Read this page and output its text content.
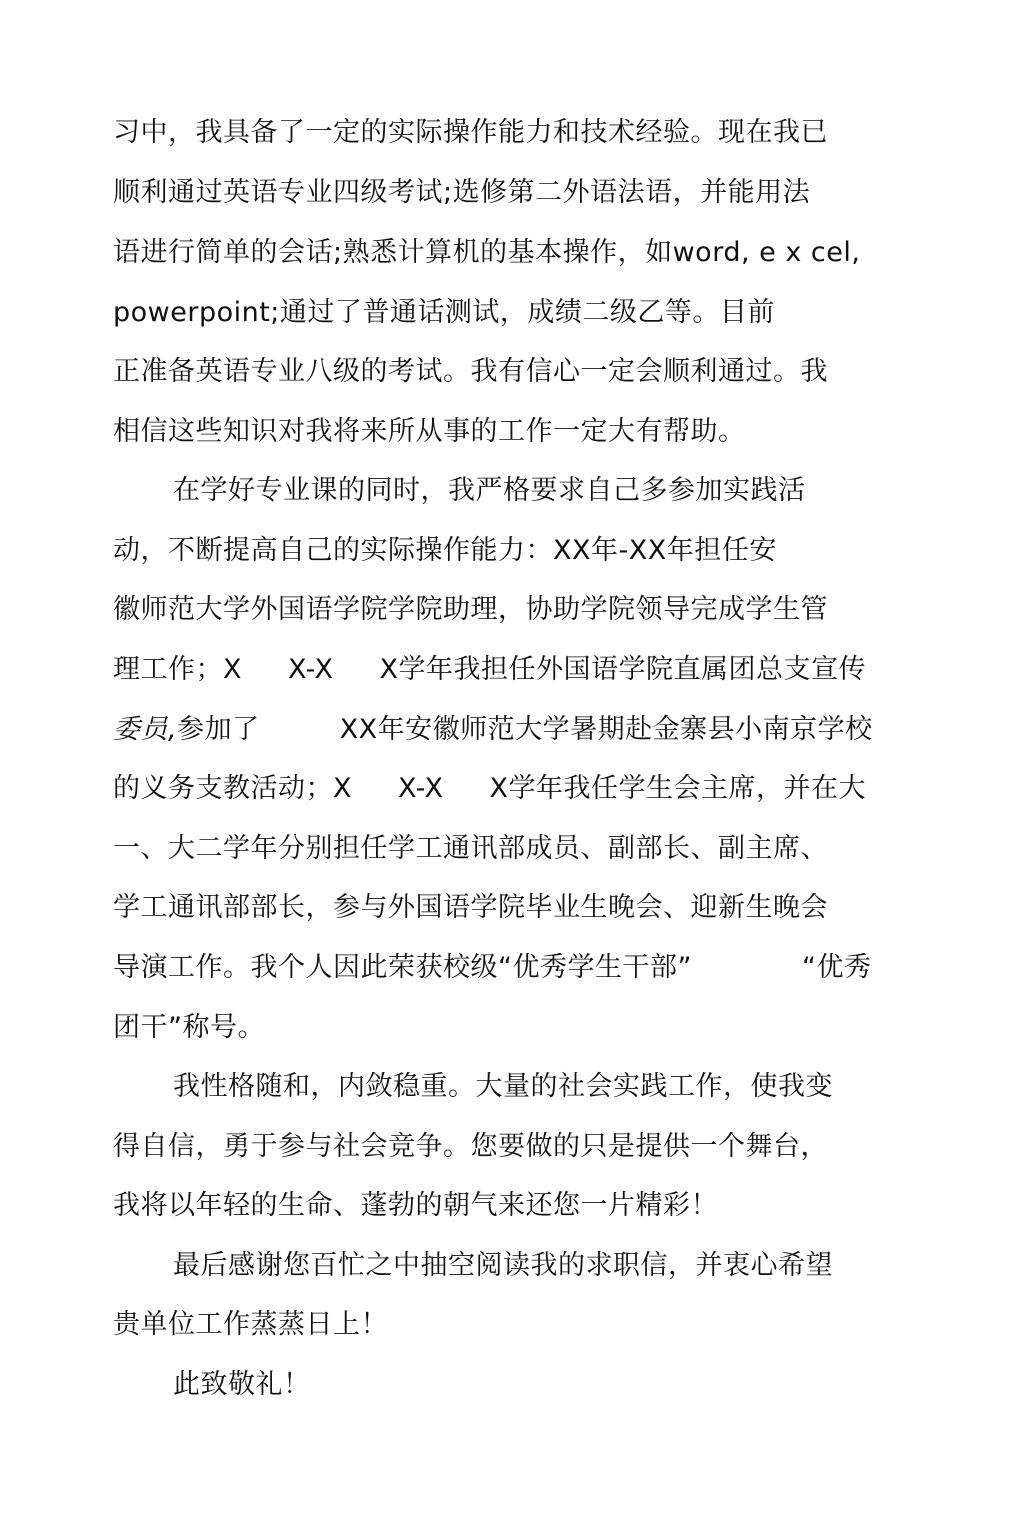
习中，我具备了一定的实际操作能力和技术经验。现在我已
顺利通过英语专业四级考试;选修第二外语法语，并能用法
语进行简单的会话;熟悉计算机的基本操作，如word, e x cel,
powerpoint;通过了普通话测试，成绩二级乙等。目前
正准备英语专业八级的考试。我有信心一定会顺利通过。我
相信这些知识对我将来所从事的工作一定大有帮助。
在学好专业课的同时，我严格要求自己多参加实践活
动，不断提高自己的实际操作能力：XX年-XX年担任安
徽师范大学外国语学院学院助理，协助学院领导完成学生管
理工作；X X-X X学年我担任外国语学院直属团总支宣传
委员,参加了	XX年安徽师范大学暑期赴金寨县小南京学校
的义务支教活动；X X-X X学年我任学生会主席，并在大
一、大二学年分别担任学工通讯部成员、副部长、副主席、
学工通讯部部长，参与外国语学院毕业生晚会、迎新生晚会
导演工作。我个人因此荣获校级“优秀学生干部”	“优秀
团干”称号。
我性格随和，内敛稳重。大量的社会实践工作，使我变
得自信，勇于参与社会竞争。您要做的只是提供一个舞台，
我将以年轻的生命、蓬勃的朝气来还您一片精彩！
最后感谢您百忙之中抽空阅读我的求职信，并衷心希望
贵单位工作蒸蒸日上！
此致敬礼！
